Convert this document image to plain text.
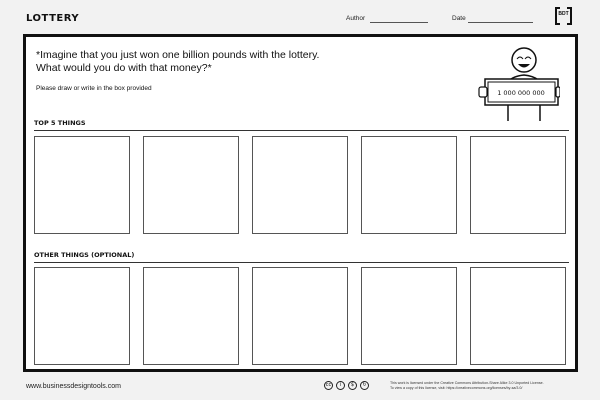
LOTTERY	Author	Date
BDT
*Imagine that you just won one billion pounds with the lottery.
What would you do with that money?*
Please draw or write in the box provided
1 000 000 000
TOP 5 THINGS
OTHER THINGS (OPTIONAL)
www.businessdesigntools.com	cc	i	$	↻	This work is licensed under the Creative Commons Attribution-Share Alike 3.0 Unported License.
To view a copy of this license, visit: https://creativecommons.org/licenses/by-sa/3.0/
